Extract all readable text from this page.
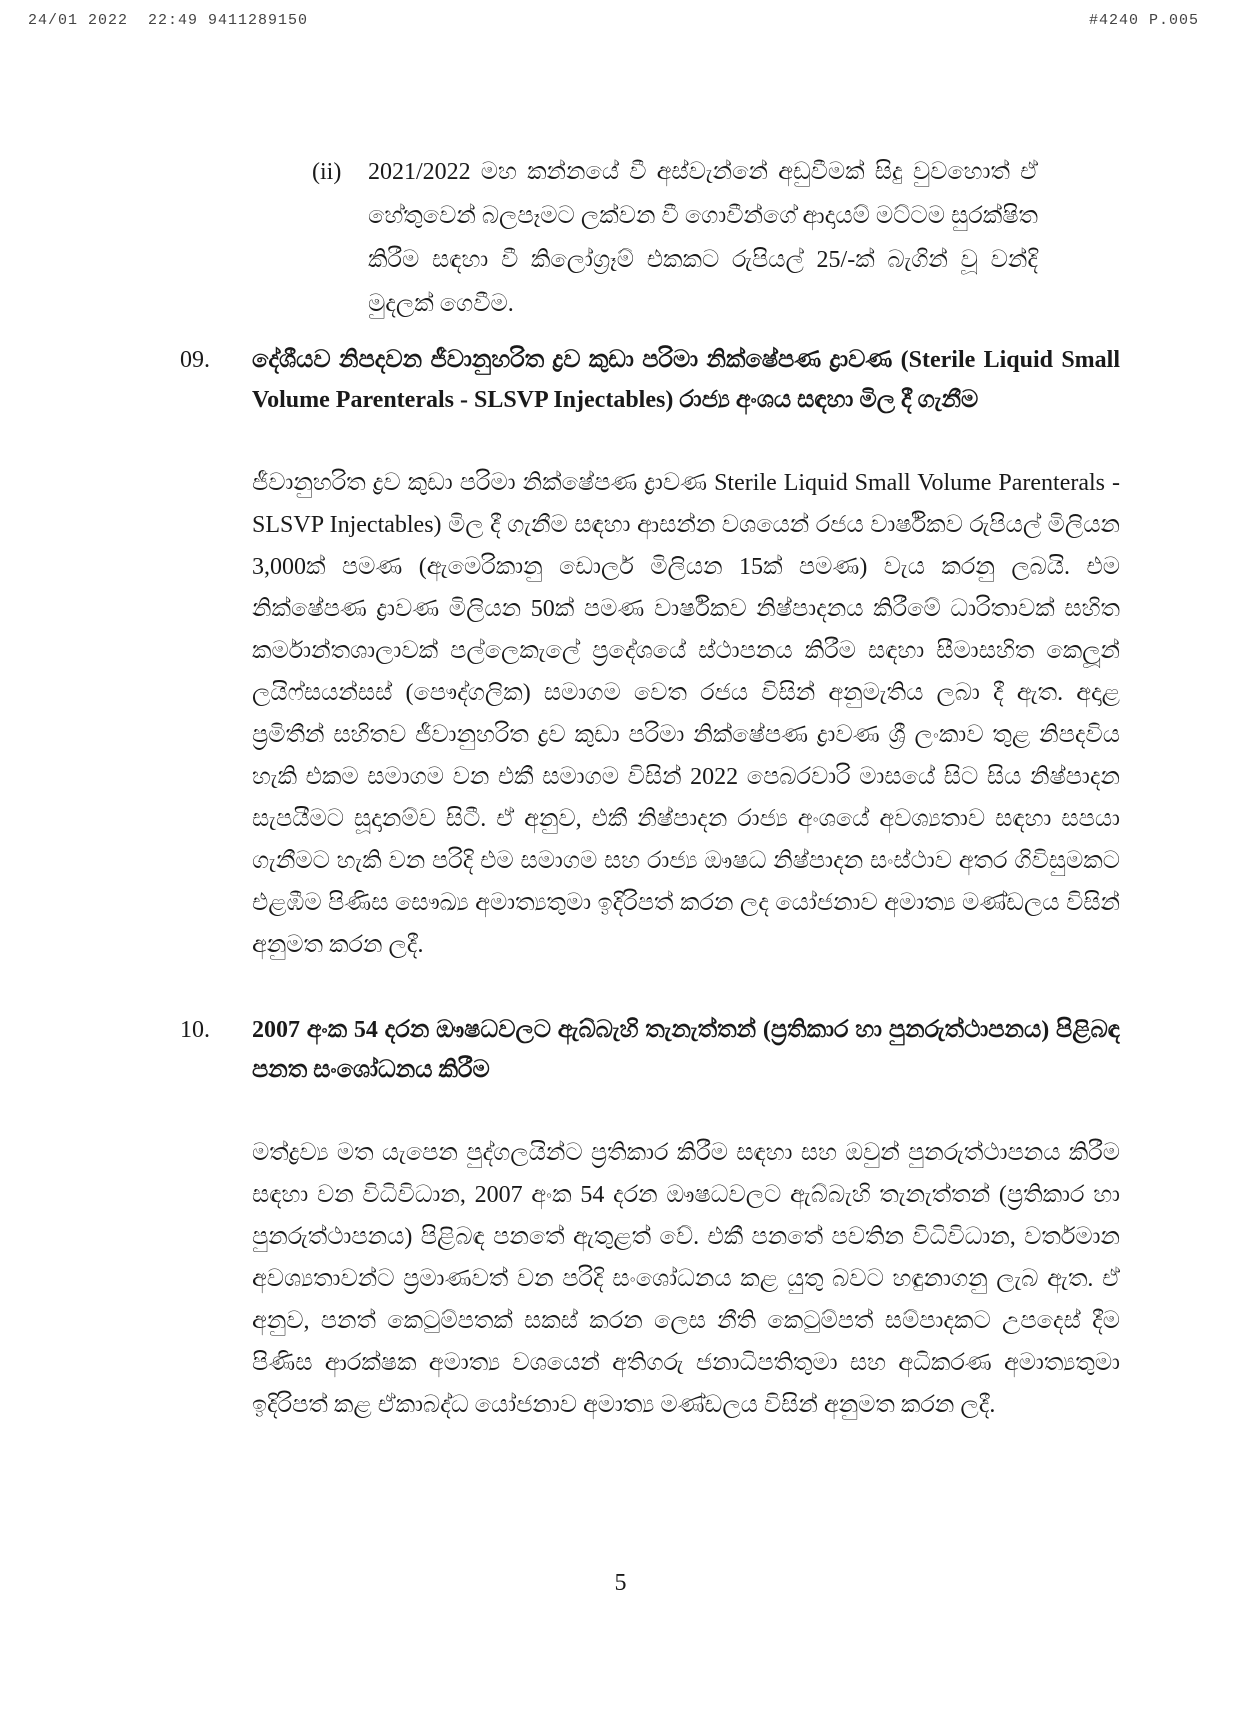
24/01 2022  22:49 9411289150	#4240 P.005
(ii) 2021/2022 මහ කන්නයේ වී අස්වැන්නේ අඩුවීමක් සිදු වුවහොත් ඒ හේතුවෙන් බලපෑමට ලක්වන වී ගොවීන්ගේ ආදායම් මට්ටම සුරක්ෂිත කිරීම සඳහා වී කිලෝග්‍රෑම් එකකට රුපියල් 25/-ක් බැගින් වූ වන්දි මුදලක් ගෙවීම.
09. දේශීයව නිපදවන ජීවානුහරිත ද්‍රව කුඩා පරිමා නික්ෂේපණ ද්‍රාවණ (Sterile Liquid Small Volume Parenterals - SLSVP Injectables) රාජ්‍ය අංශය සඳහා මිල දී ගැනීම
ජීවානුහරිත ද්‍රව කුඩා පරිමා නික්ෂේපණ ද්‍රාවණ Sterile Liquid Small Volume Parenterals - SLSVP Injectables) මිල දී ගැනීම සඳහා ආසන්න වශයෙන් රජය වාර්ෂිකව රුපියල් මිලියන 3,000ක් පමණ (ඇමෙරිකානු ඩොලර් මිලියන 15ක් පමණ) වැය කරනු ලබයි. එම නික්ෂේපණ ද්‍රාවණ මිලියන 50ක් පමණ වාර්ෂිකව නිෂ්පාදනය කිරීමේ ධාරිතාවක් සහිත කර්මාන්තශාලාවක් පල්ලෙකැලේ ප්‍රදේශයේ ස්ථාපනය කිරීම සඳහා සීමාසහිත කෙලූන් ලයිෆ්සයන්සස් (පෞද්ගලික) සමාගම වෙත රජය විසින් අනුමැතිය ලබා දී ඇත. අදාළ ප්‍රමිතීන් සහිතව ජීවානුහරිත ද්‍රව කුඩා පරිමා නික්ෂේපණ ද්‍රාවණ ශ්‍රී ලංකාව තුළ නිපදවිය හැකි එකම සමාගම වන එකී සමාගම විසින් 2022 පෙබරවාරි මාසයේ සිට සිය නිෂ්පාදන සැපයීමට සූදානම්ව සිටී. ඒ අනුව, එකී නිෂ්පාදන රාජ්‍ය අංශයේ අවශ්‍යතාව සඳහා සපයා ගැනීමට හැකි වන පරිදි එම සමාගම සහ රාජ්‍ය ඖෂධ නිෂ්පාදන සංස්ථාව අතර ගිවිසුමකට එළඹීම පිණිස සෞඛ්‍ය අමාත්‍යතුමා ඉදිරිපත් කරන ලද යෝජනාව අමාත්‍ය මණ්ඩලය විසින් අනුමත කරන ලදී.
10. 2007 අංක 54 දරන ඖෂධවලට ඇබ්බැහි තැනැත්තන් (ප්‍රතිකාර හා පුනරුත්ථාපනය) පිළිබඳ පනත සංශෝධනය කිරීම
මත්ද්‍රව්‍ය මත යැපෙන පුද්ගලයින්ට ප්‍රතිකාර කිරීම සඳහා සහ ඔවුන් පුනරුත්ථාපනය කිරීම සඳහා වන විධිවිධාන, 2007 අංක 54 දරන ඖෂධවලට ඇබ්බැහි තැනැත්තන් (ප්‍රතිකාර හා පුනරුත්ථාපනය) පිළිබඳ පනතේ ඇතුළත් වේ. එකී පනතේ පවතින විධිවිධාන, වර්තමාන අවශ්‍යතාවන්ට ප්‍රමාණවත් වන පරිදි සංශෝධනය කළ යුතු බවට හඳුනාගනු ලැබ ඇත. ඒ අනුව, පනත් කෙටුම්පතක් සකස් කරන ලෙස නීති කෙටුම්පත් සම්පාදකට උපදෙස් දීම පිණිස ආරක්ෂක අමාත්‍ය වශයෙන් අතිගරු ජනාධිපතිතුමා සහ අධිකරණ අමාත්‍යතුමා ඉදිරිපත් කළ ඒකාබද්ධ යෝජනාව අමාත්‍ය මණ්ඩලය විසින් අනුමත කරන ලදී.
5
